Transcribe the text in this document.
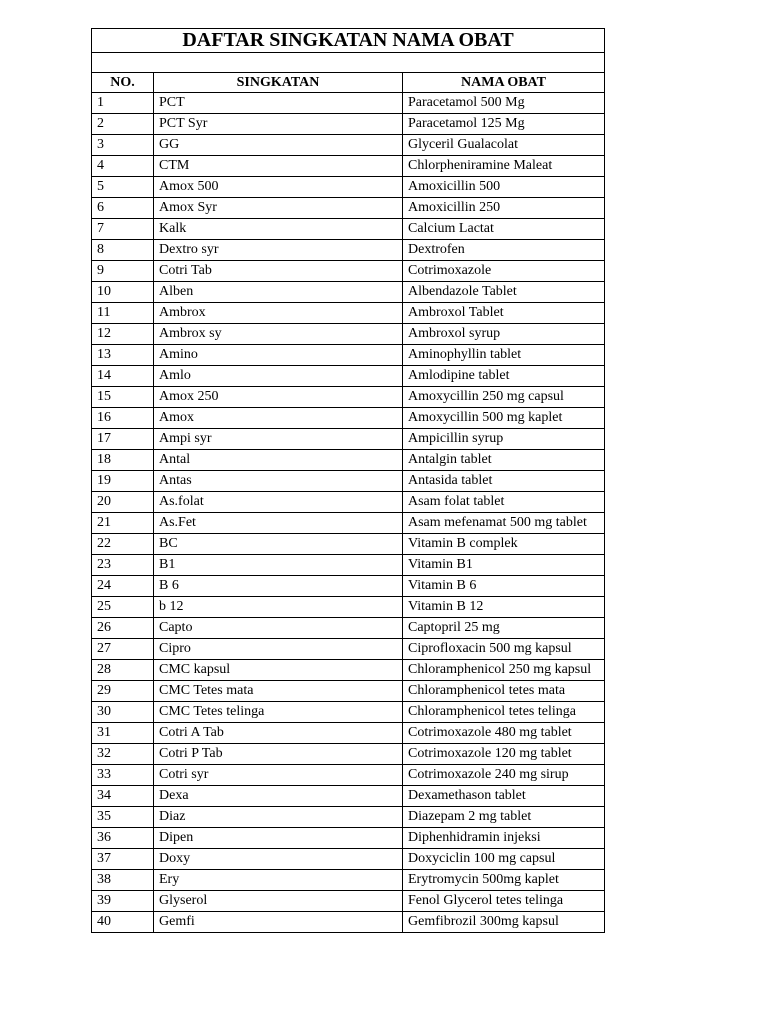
DAFTAR SINGKATAN NAMA OBAT		

NO.	SINGKATAN	NAMA OBAT
1	PCT	Paracetamol 500 Mg
2	PCT Syr	Paracetamol 125 Mg
3	GG	Glyceril Gualacolat
4	CTM	Chlorpheniramine Maleat
5	Amox 500	Amoxicillin 500
6	Amox Syr	Amoxicillin 250
7	Kalk	Calcium Lactat
8	Dextro syr	Dextrofen
9	Cotri Tab	Cotrimoxazole
10	Alben	Albendazole Tablet
11	Ambrox	Ambroxol Tablet
12	Ambrox sy	Ambroxol syrup
13	Amino	Aminophyllin tablet
14	Amlo	Amlodipine tablet
15	Amox 250	Amoxycillin 250 mg capsul
16	Amox	Amoxycillin 500 mg kaplet
17	Ampi syr	Ampicillin syrup
18	Antal	Antalgin tablet
19	Antas	Antasida tablet
20	As.folat	Asam folat tablet
21	As.Fet	Asam mefenamat 500 mg tablet
22	BC	Vitamin B complek
23	B1	Vitamin B1
24	B 6	Vitamin B 6
25	b 12	Vitamin B 12
26	Capto	Captopril 25 mg
27	Cipro	Ciprofloxacin 500 mg kapsul
28	CMC kapsul	Chloramphenicol 250 mg kapsul
29	CMC Tetes mata	Chloramphenicol tetes mata
30	CMC Tetes telinga	Chloramphenicol tetes telinga
31	Cotri A Tab	Cotrimoxazole 480 mg tablet
32	Cotri P Tab	Cotrimoxazole 120 mg tablet
33	Cotri syr	Cotrimoxazole 240 mg sirup
34	Dexa	Dexamethason tablet
35	Diaz	Diazepam 2 mg tablet
36	Dipen	Diphenhidramin injeksi
37	Doxy	Doxyciclin 100 mg capsul
38	Ery	Erytromycin 500mg kaplet
39	Glyserol	Fenol Glycerol tetes telinga
40	Gemfi	Gemfibrozil 300mg kapsul
